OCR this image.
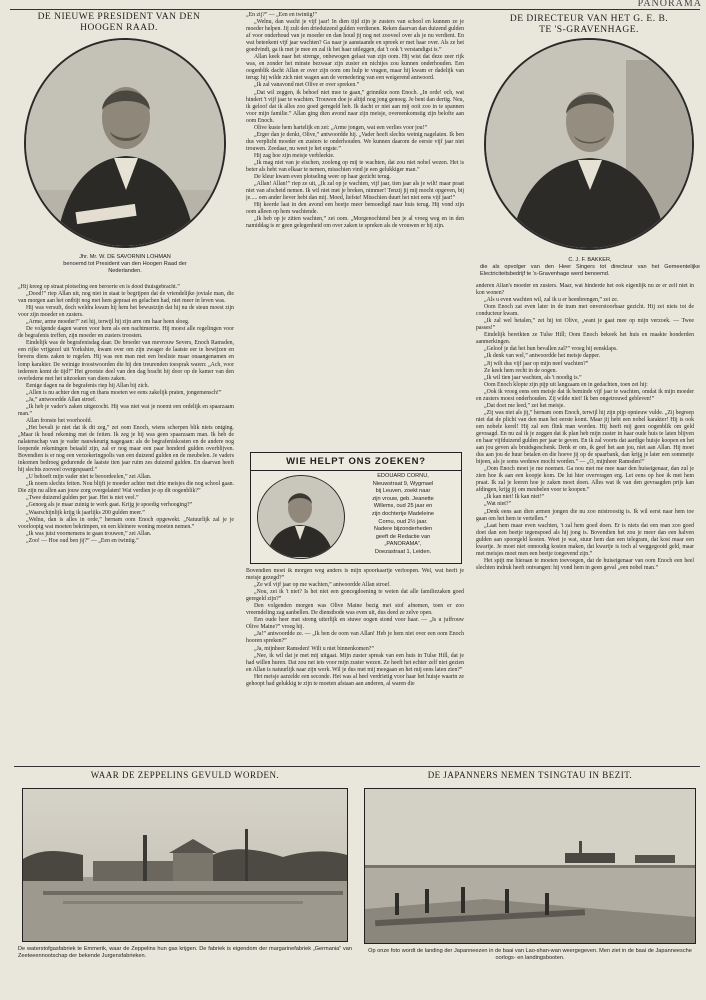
PANORAMA
DE NIEUWE PRESIDENT VAN DEN
HOOGEN RAAD.
Jhr. Mr. W. DE SAVORNIN LOHMAN
benoemd tot President van den Hoogen Raad der
Nederlanden.
DE DIRECTEUR VAN HET G. E. B.
TE 'S-GRAVENHAGE.
C. J. F. BAKKER,
die als opvolger van den Heer Singers tot directeur van het Gemeentelijke Electriciteitsbedrijf te 's-Gravenhage werd benoemd.

„Hij kreeg op straat plotseling een beroerte en is dood thuisgebracht.”

„Dood!” riep Allan uit, nog niet in staat te begrijpen dat de vriendelijke joviale man, die van morgen aan het ontbijt nog met hem gepraat en gelachen had, niet meer in leven was.

Hij was versuft, doch weldra kwam hij hem het bewustzijn dat hij nu de steun moest zijn voor zijn moeder en zusters.

„Arme, arme moeder!” zei hij, terwijl hij zijn arm om haar heen sloeg.

De volgende dagen waren voor hem als een nachtmerrie. Hij moest alle regelingen voor de begrafenis treffen, zijn moeder en zusters troosten.

Eindelijk was de begrafenisdag daar. De broeder van mevrouw Severs, Enoch Ramsden, een rijke vrijgezel uit Yorkshire, kwam over om zijn zwager de laatste eer te bewijzen en bevens diens zaken te regelen. Hij was een man met een besliste maar onaangenamen en lomp karakter. De weinige troostwoorden die hij den treurenden toesprak waren: „Ach, voor iedereen komt de tijd!” Het grootste deel van den dag bracht hij door op de kamer van den overledene met het uitzoeken van diens zaken.

Eenige dagen na de begrafenis riep hij Allan bij zich.

„Allen is nu achter den rug en thans moeten we eens zakelijk praten, jongemensch!”

„Ja,” antwoordde Allan stroef.

„Ik heb je vader's zaken uitgezocht. Hij was niet wat je noemt een ordelijk en spaarzaam man.”

Allan fronste het voorhoofd.

„Het bevalt je niet dat ik dit zeg,” zei oom Enoch, wiens scherpen blik niets ontging. „Maar ik houd rekening met de feiten. Ik zeg je hij was geen spaarzaam man. Ik heb de nalatenschap van je vader nauwkeurig nagegaan: als de begrafeniskosten en de andere nog loopende rekeningen betaald zijn, zal er nog maar een paar honderd gulden overblijven. Bovendien is er nog een verzekeringpolis van een duizend gulden en de meubelen. Je vaders inkomen bedroeg gedurende de laatste tien jaar ruim zes duizend gulden. En daarvan heeft hij slechts zooveel overgespaard.”

„U behoeft mijn vader niet te beoordeelen,” zei Allan.

„Ik noem slechts feiten. Nou blijft je moeder achter met drie meisjes die nog school gaan. Die zijn nu allen aan jouw zorg overgelaten! Wat verdien je op dit oogenblik?”

„Twee duizend gulden per jaar. Het is niet veel.”

„Genoeg als je maar zuinig te werk gaat. Krijg je spoedig verhooging?”

„Waarschijnlijk krijg ik jaarlijks 200 gulden meer.”

„Welnu, dan is alles in orde,” hernam oom Enoch opgewekt. „Natuurlijk zal je je voorloopig wat moeten bekrimpen, en een kleinere woning moeten nemen.”

„Ik was juist voornemens te gaan trouwen,” zei Allan.

„Zoo! — Hoe oud ben jij?” — „Een en twintig.”

„En zij?” — „Een en twintig!”

„Welnu, dan wacht je vijf jaar! In dien tijd zijn je zusters van school en kunnen ze je moeder helpen. Jij zult den drieduizend gulden verdienen. Reken daarvan dan duizend gulden af voor onderhoud van je moeder en dan houd jij nog net zooveel over als je nu verdient. En wat beteekent vijf jaar wachten? Ga naar je aanstaande en spreek er met haar over. Als ze het goedvindt, ga ik met je mee en zal ik het haar uitleggen, dat 't ook 't verstandigst is.”

Allan keek naar het strenge, onbewogen gelaat van zijn oom. Hij wist dat deze zeer rijk was, en zonder het minste bezwaar zijn zuster en nichtjes zou kunnen onderhouden. Een oogenblik dacht Allan er over zijn oom om hulp te vragen, maar hij kwam er dadelijk van terug: hij wilde zich niet wagen aan de vernedering van een weigerend antwoord.

„Ik zal vanavond met Olive er over spreken.”

„Dat wil zeggen, ik behoef niet mee te gaan,” grinnikte oom Enoch. „In orde! och, wat hindert 't vijf jaar te wachten. Trouwen doe je altijd nog jong genoeg. Je bent dan dertig. Neu, ik geloof dat ik alles zoo goed geregeld heb. Ik dacht er niet aan mij ooit zoo in te spannen voor mijn familie.” Allan ging dien avond naar zijn meisje, overeenkomstig zijn belofte aan oom Enoch.

Olive kuste hem hartelijk en zei: „Arme jongen, wat een verlies voor jou!”

„Erger dan je denkt, Olive,” antwoordde hij. „Vader heeft slechts weinig nagelaten. Ik ben dus verplicht moeder en zusters te onderhouden. We kunnen daarom de eerste vijf jaar niet trouwen. Zeedaar, nu weet je het ergste.”

Hij zag hoe zijn meisje verbleekte.

„Ik mag niet van je eischen, zooleng op mij te wachten, dat zou niet nobel wezen. Het is beter als hebt van elkaar te nemen, misschien vind je een gelukkiger man.”

De kleur kwam even plotseling weer op haar gezicht terug.

„Allan! Allan!” riep ze uit, „Ik zal op je wachten, vijf jaar, tien jaar als je wilt! maar praat niet van afscheid nemen. Ik wil niet met je breken, nimmer! Tenzij jij mij mocht opgeven, bij je..... een ander liever hebt dan mij. Moed, liefste! Misschien duurt het niet eens vijf jaar!”

Hij keerde laat in den avond een beetje meer bemoedigd naar huis terug. Hij vond zijn oom alleen op hem wachtende.

„Ik heb op je zitten wachten,” zei oom. „Morgenochtend ben je al vroeg weg en in den namiddag is er geen gelegenheid om over zaken te spreken als de vrouwen er bij zijn.

WIE HELPT ONS ZOEKEN?
EDOUARD CORNU,
Nieuwstraat 9, Wygmael
bij Leuven, zoekt naar
zijn vrouw, geb. Jeanette
Willems, oud 25 jaar en
zijn dochtertje Madeleine
Cornu, oud 2½ jaar.
Nadere bijzonderheden
geeft de Redactie van
„PANORAMA”,
Doezastraat 1, Leiden.

Bovendien moet ik morgen weg anders is mijn spoorkaartje verloopen. Wel, wat heeft je meisje gezegd?”

„Ze wil vijf jaar op me wachten,” antwoordde Allan stroef.

„Nou, zei ik 't niet? Is het niet een goncegdoening te weten dat alle familiezaken goed geregeld zijn?”

Den volgenden morgen was Olive Maine bezig met stof afnemen, toen er zoo vreemdeling zag aanbellen. De dienstbode was even uit, dus deed ze zelve open.

Een oude heer met streng uiterlijk en stuwe oogen stond voor haar. — „Is u juffrouw Olive Maine?” vroeg hij.

„Ja!” antwoordde ze. — „Ik ben de oom van Allan! Heb je hem niet over een oom Enoch hooren spreken?”

„Ja, mijnheer Ramsden! Wilt u niet binnenkomen?”

„Nee, ik wil dat je met mij uitgaat. Mijn zuster spreak van een huis in Tulse Hill, dat je had willen huren. Dat zou net iets voor mijn zuster wezen. Ze heeft het echter zelf niet gezien en Allan is natuurlijk naar zijn werk. Wil je dus met mij meegaan en het mij eens laten zien?”

Het meisje aarzelde een seconde. Het was al heel verdrietig voor haar het huisje waarin ze gehoopt had gelukkig te zijn te moeten afstaan aan anderen, al waren die

anderen Allan's moeder en zusters. Maar, wat hinderde het ook eigenlijk nu ze er zelf niet in kon wonen?

„Als u even wachten wil, zal ik u er heenbrengen,” zei ze.

Oom Enoch zat even later in de tram met onverstoorbaar gezicht. Hij zei niets tot de conducteur kwam.

„Ik zal wel betalen,” zei hij tot Olive, „want je gaat mee op mijn verzoek. — Twee passes!”

Eindelijk bereikten ze Tulse Hill; Oom Enoch bekeek het huis en maakte honderden aanmerkingen.

„Geloof je dat het hun bevallen zal?” vroeg hij eensklaps.

„Ik denk van wel,” antwoordde het meisje dapper.

„Jij wilt dus vijf jaar op mijn neef wachten?”

Ze keek hem recht in de oogen.

„Ik wil tien jaar wachten, als 't noodig is.”

Oom Enoch klopte zijn pijp uit langzaam en in gedachten, toen zei hij:

„Ook ik vroeg eens een meisje dat ik beminde vijf jaar te wachten, omdat ik mijn moeder en zusters moest onderhouden. Zij wilde niet! Ik ben ongetrouwd gebleven!”

„Dat doet me leed,” zei het meisje.

„Zij was niet als jij,” hernam oom Enoch, terwijl hij zijn pijp opnieuw vulde. „Zij begreep niet dat de plicht van den man het eerste komt. Maar jij hebt een nobel karakter! Hij is ook een nobele kerel! Hij zal een flink man worden. Hij heeft mij geen oogenblik om geld gevraagd. En nu zal ik je zeggen dat ik plan heb mijn zuster in haar oude huis te laten blijven en haar vijfduizend gulden per jaar te geven. En ik zal voorts dat aardige huisje koopen en het aan jou geven als bruidsgeschenk. Denk er om, ik geef het aan jou, niet aan Allan. Hij moet dus aan jou de huur betalen en die hoeve jij op de spaarbank, dan krijg je later een sommetje bijeen, als je soms weduwe mocht worden.” — „O, mijnheer Ramsden!”

„Oom Enoch moet je me noemen. Ga nou met me mee naar den huiseigenaar, dan zul je zien hoe ik aan een koopje kom. De lui hier overvragen erg. Let eens op hoe ik met hem praat. Ik zal je leeren hoe je zaken moet doen. Alles wat ik van den gevraagden prijs kan afdingen, krijg jij om meubelen voor te koopen.”

„Ik kan niet! Ik kan niet!”

„Wat niet?”

„Denk eens aan dien armen jongen die nu zoo mistroostig is. Ik wil eerst naar hem toe gaan om het hem te vertellen.”

„Laat hem maar even wachten, 't zal hem goed doen. Er is niets dat een man zoo goed doet dan een beetje tegenspoed als hij jong is. Bovendien het zou je meer dan een halven gulden aan spoorgeld kosten. Weet je wat, stuur hem dan een telegram, dat kost maar een kwartje. Je moet niet onnoodig kosten maken, dat kwartje is toch al weggegooid geld, maar met meisjes moet men een beetje toegevend zijn.”

Het spijt me hieraan te moeten toevoegen, dat de huiseigenaar van oom Enoch een heel slechten indruk heeft ontvangen: hij vond hem in geen geval „een nobel man.”

WAAR DE ZEPPELINS GEVULD WORDEN.
De waterstofgasfabriek te Emmerik, waar de Zeppelins hun gas krijgen. De fabriek is eigendom der margarinefabriek „Germania” van Zeeteeennootschap der bekende Jurgensfabrieken.
DE JAPANNERS NEMEN TSINGTAU IN BEZIT.
Op onze foto wordt de landing der Japanneezen in de baai van Lao-shan-wan weergegeven. Men ziet in de baai de Japanneesche oorlogs- en landingsbooten.
